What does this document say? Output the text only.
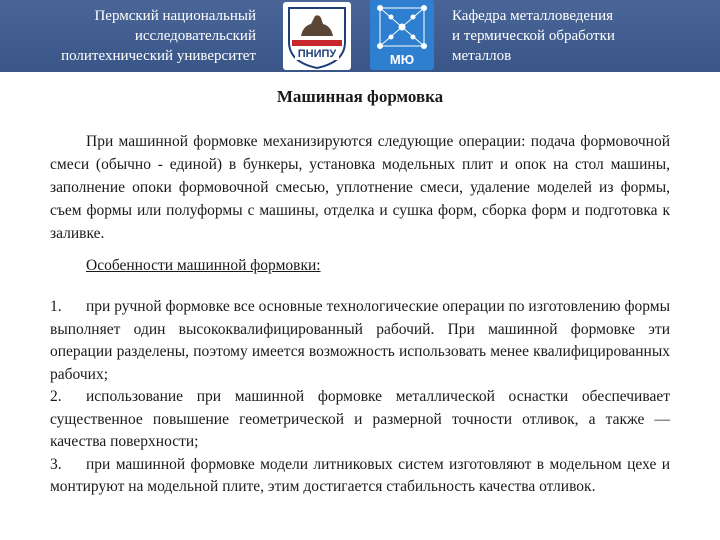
Пермский национальный
исследовательский
политехнический университет	ПНИПУ	МЮ
Кафедра металловедения
и термической обработки
металлов
Машинная формовка

При машинной формовке механизируются следующие операции: подача формовочной смеси (обычно - единой) в бункеры, установка модельных плит и опок на стол машины, заполнение опоки формовочной смесью, уплотнение смеси, удаление моделей из формы, съем формы или полуформы с машины, отделка и сушка форм, сборка форм и подготовка к заливке.

Особенности машинной формовки:

1. при ручной формовке все основные технологические операции по изготовлению формы выполняет один высококвалифицированный рабочий. При машинной формовке эти операции разделены, поэтому имеется возможность использовать менее квалифицированных рабочих;

2. использование при машинной формовке металлической оснастки обеспечивает существенное повышение геометрической и размерной точности отливок, а также — качества поверхности;

3. при машинной формовке модели литниковых систем изготовляют в модельном цехе и монтируют на модельной плите, этим достигается стабильность качества отливок.
